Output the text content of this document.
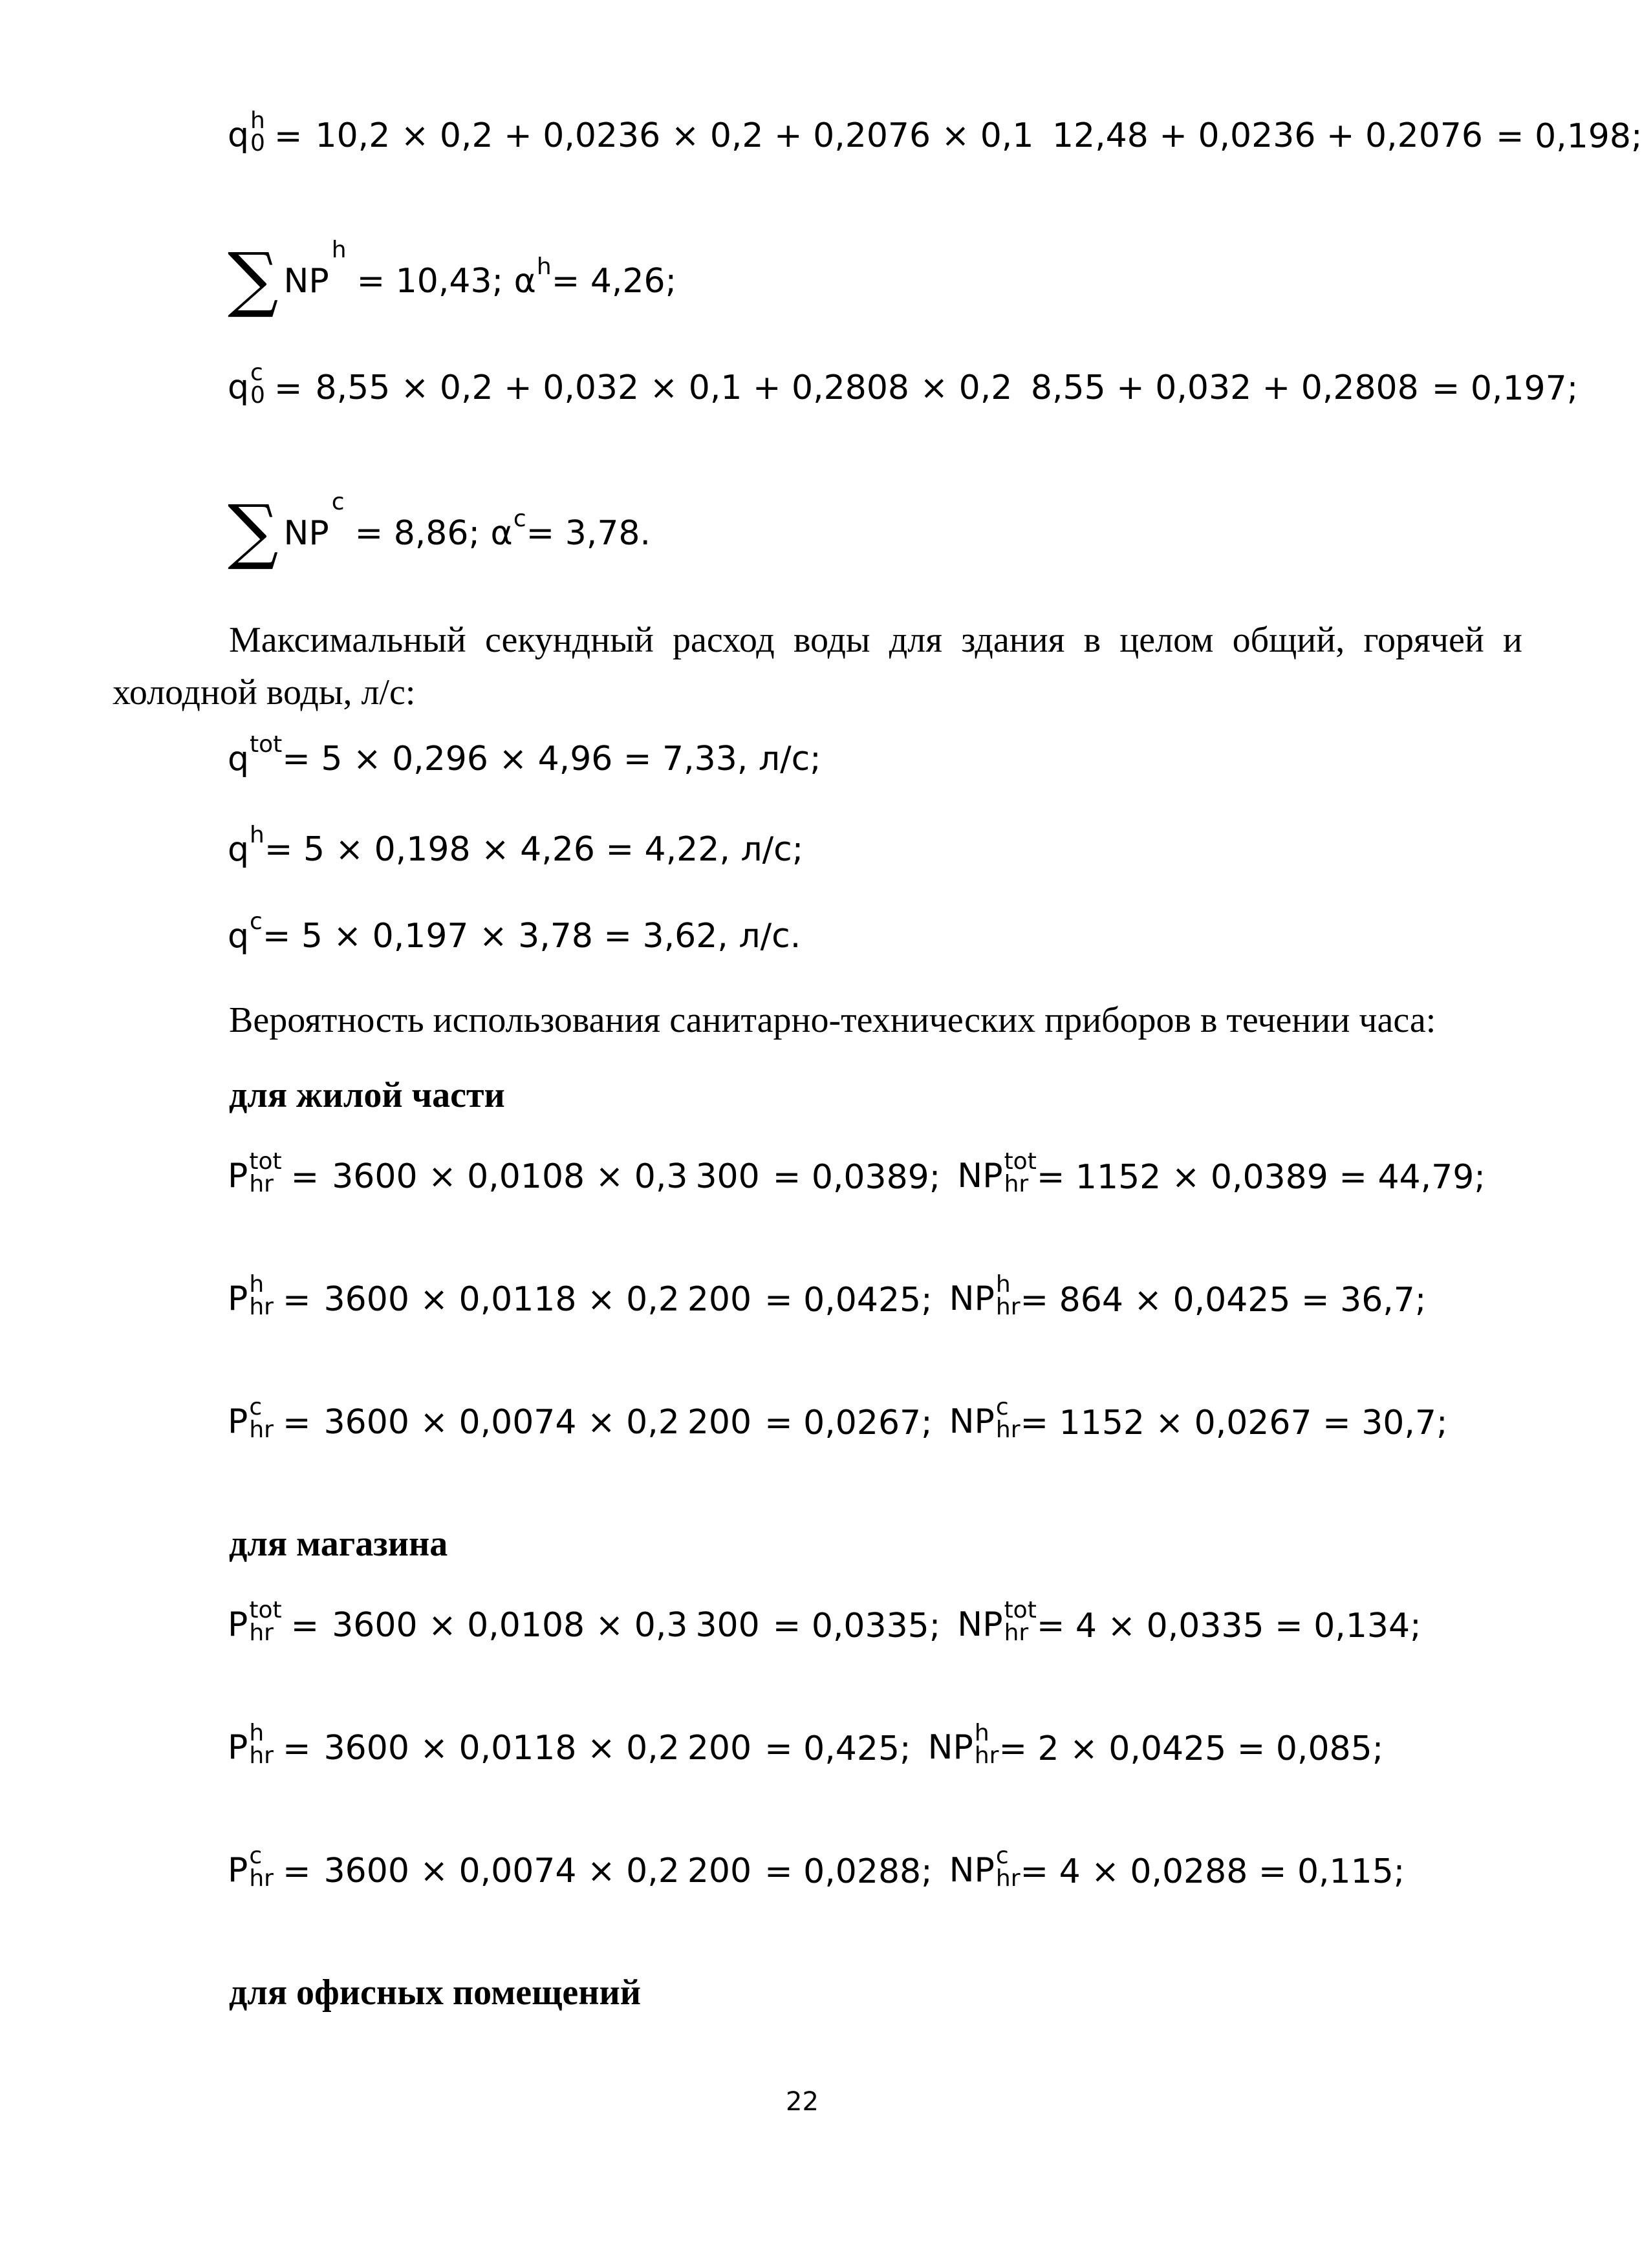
q h
0 = 10,2 × 0,2 + 0,0236 × 0,2 + 0,2076 × 0,1 12,48 + 0,0236 + 0,2076 = 0,198;
∑ NP
h
= 10,43; α h = 4,26;
q c
0 = 8,55 × 0,2 + 0,032 × 0,1 + 0,2808 × 0,2 8,55 + 0,032 + 0,2808 = 0,197;
∑ NP
c
= 8,86; α c = 3,78.
Максимальный секундный расход воды для здания в целом общий, горячей и холодной воды, л/с:
q tot = 5 × 0,296 × 4,96 = 7,33, л/с;
q h = 5 × 0,198 × 4,26 = 4,22, л/с;
q c = 5 × 0,197 × 3,78 = 3,62, л/с.
Вероятность использования санитарно-технических приборов в течении часа:
для жилой части
P tot
hr = 3600 × 0,0108 × 0,3 300 = 0,0389; NP tot
hr = 1152 × 0,0389 = 44,79;
P h
hr = 3600 × 0,0118 × 0,2 200 = 0,0425; NP h
hr = 864 × 0,0425 = 36,7;
P c
hr = 3600 × 0,0074 × 0,2 200 = 0,0267; NP c
hr = 1152 × 0,0267 = 30,7;
для магазина
P tot
hr = 3600 × 0,0108 × 0,3 300 = 0,0335; NP tot
hr = 4 × 0,0335 = 0,134;
P h
hr = 3600 × 0,0118 × 0,2 200 = 0,425; NP h
hr = 2 × 0,0425 = 0,085;
P c
hr = 3600 × 0,0074 × 0,2 200 = 0,0288; NP c
hr = 4 × 0,0288 = 0,115;
для офисных помещений
22
